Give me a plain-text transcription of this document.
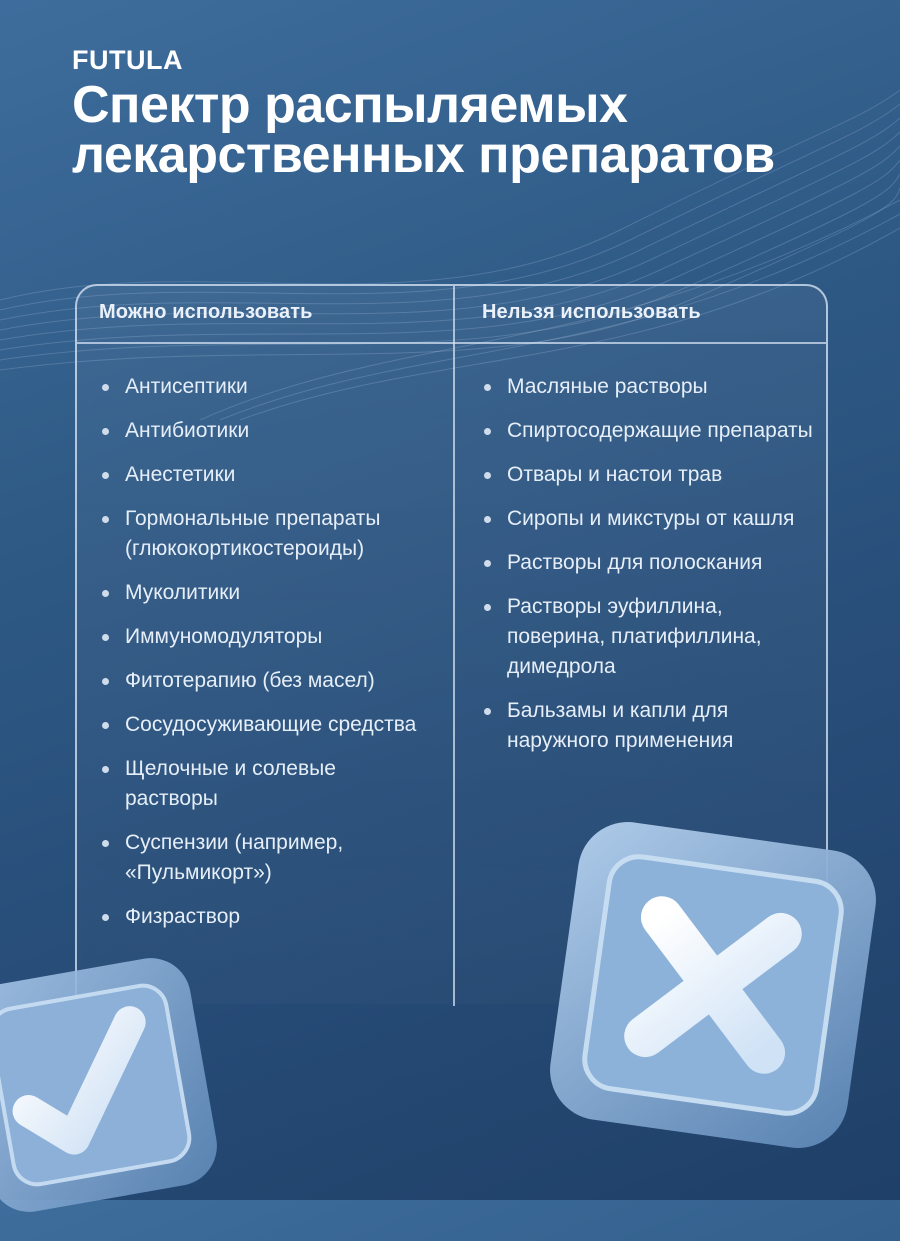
FUTULA
Спектр распыляемых лекарственных препаратов
Можно использовать	Нельзя использовать
Антисептики
Антибиотики
Анестетики
Гормональные препараты (глюкокортикостероиды)
Муколитики
Иммуномодуляторы
Фитотерапию (без масел)
Сосудосуживающие средства
Щелочные и солевые растворы
Суспензии (например, «Пульмикорт»)
Физраствор
Масляные растворы
Спиртосодержащие препараты
Отвары и настои трав
Сиропы и микстуры от кашля
Растворы для полоскания
Растворы эуфиллина, поверина, платифиллина, димедрола
Бальзамы и капли для наружного применения
